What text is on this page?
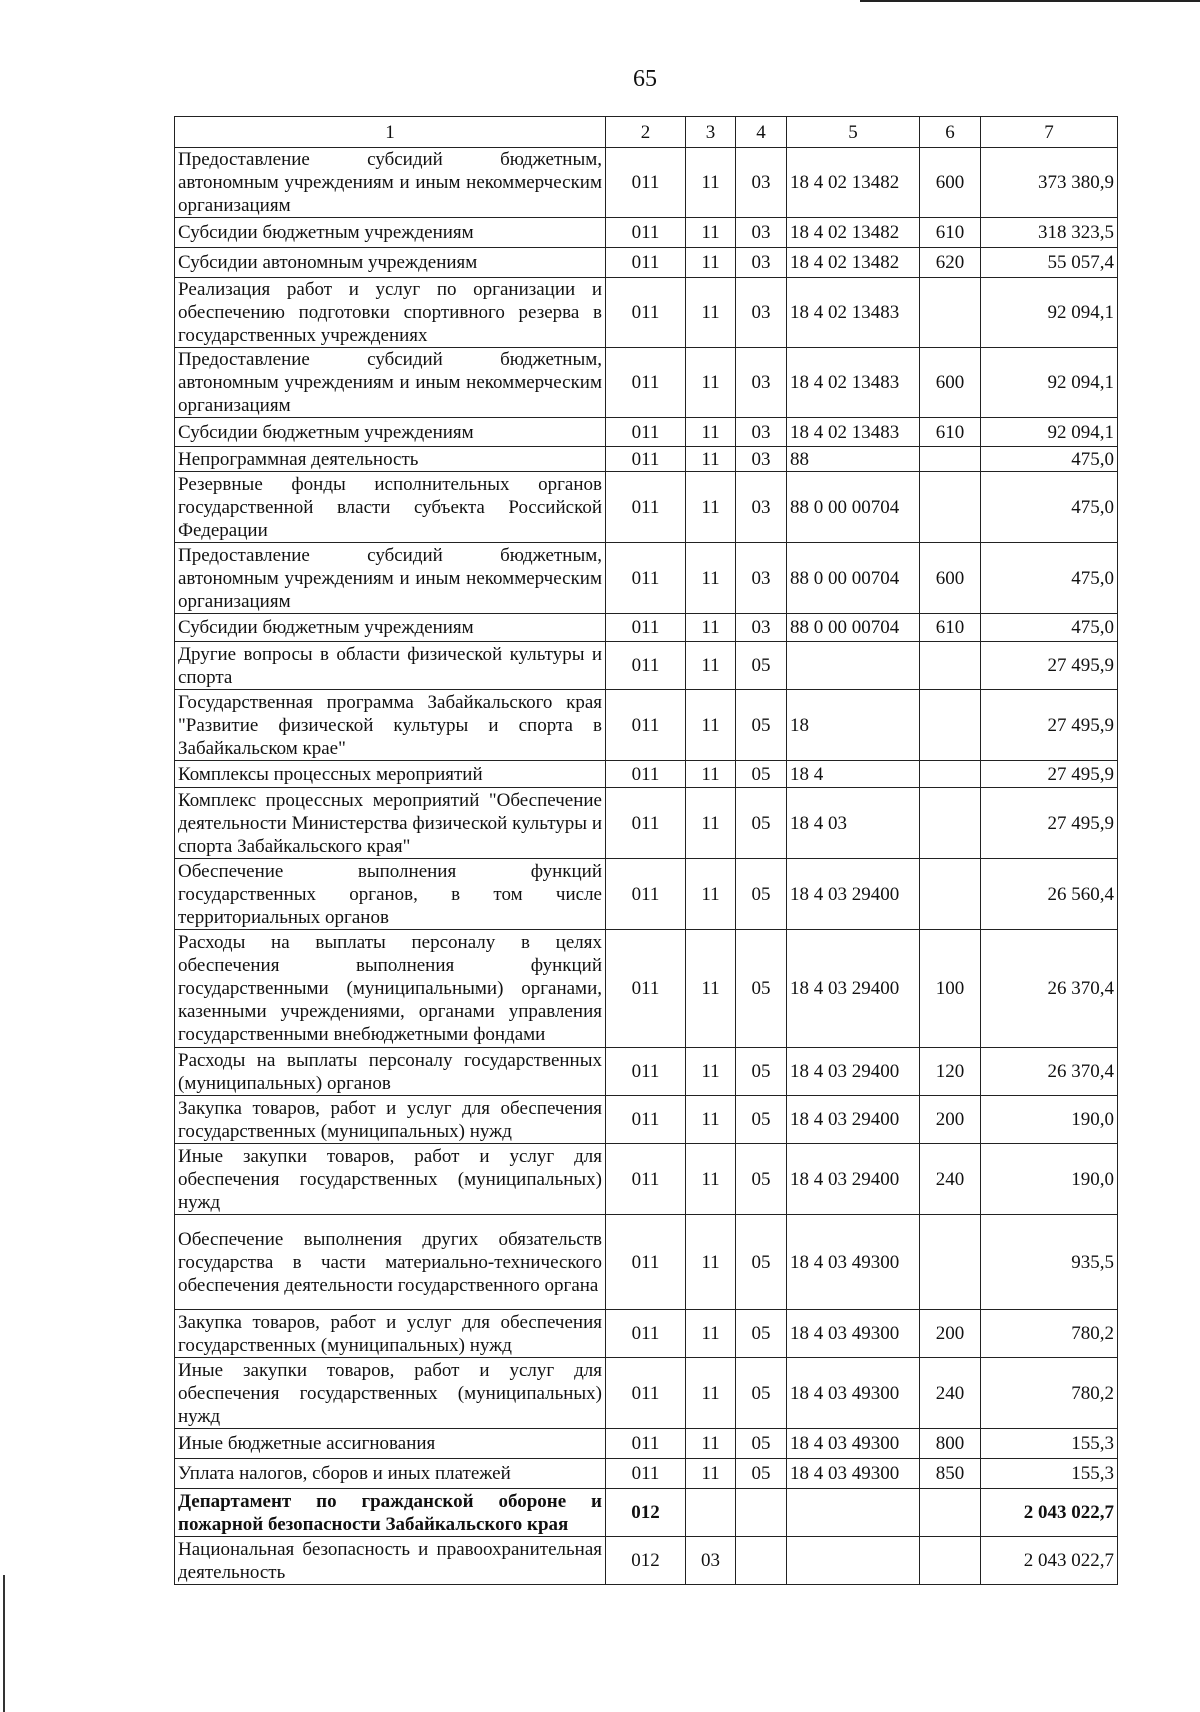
65
1	2	3	4	5	6	7
Предоставление субсидий бюджетным, автономным учреждениям и иным некоммерческим организациям	011	11	03	18 4 02 13482	600	373 380,9
Субсидии бюджетным учреждениям	011	11	03	18 4 02 13482	610	318 323,5
Субсидии автономным учреждениям	011	11	03	18 4 02 13482	620	55 057,4
Реализация работ и услуг по организации и обеспечению подготовки спортивного резерва в государственных учреждениях	011	11	03	18 4 02 13483		92 094,1
Предоставление субсидий бюджетным, автономным учреждениям и иным некоммерческим организациям	011	11	03	18 4 02 13483	600	92 094,1
Субсидии бюджетным учреждениям	011	11	03	18 4 02 13483	610	92 094,1
Непрограммная деятельность	011	11	03	88		475,0
Резервные фонды исполнительных органов государственной власти субъекта Российской Федерации	011	11	03	88 0 00 00704		475,0
Предоставление субсидий бюджетным, автономным учреждениям и иным некоммерческим организациям	011	11	03	88 0 00 00704	600	475,0
Субсидии бюджетным учреждениям	011	11	03	88 0 00 00704	610	475,0
Другие вопросы в области физической культуры и спорта	011	11	05			27 495,9
Государственная программа Забайкальского края "Развитие физической культуры и спорта в Забайкальском крае"	011	11	05	18		27 495,9
Комплексы процессных мероприятий	011	11	05	18 4		27 495,9
Комплекс процессных мероприятий "Обеспечение деятельности Министерства физической культуры и спорта Забайкальского края"	011	11	05	18 4 03		27 495,9
Обеспечение выполнения функций государственных органов, в том числе территориальных органов	011	11	05	18 4 03 29400		26 560,4
Расходы на выплаты персоналу в целях обеспечения выполнения функций государственными (муниципальными) органами, казенными учреждениями, органами управления государственными внебюджетными фондами	011	11	05	18 4 03 29400	100	26 370,4
Расходы на выплаты персоналу государственных (муниципальных) органов	011	11	05	18 4 03 29400	120	26 370,4
Закупка товаров, работ и услуг для обеспечения государственных (муниципальных) нужд	011	11	05	18 4 03 29400	200	190,0
Иные закупки товаров, работ и услуг для обеспечения государственных (муниципальных) нужд	011	11	05	18 4 03 29400	240	190,0
Обеспечение выполнения других обязательств государства в части материально-технического обеспечения деятельности государственного органа	011	11	05	18 4 03 49300		935,5
Закупка товаров, работ и услуг для обеспечения государственных (муниципальных) нужд	011	11	05	18 4 03 49300	200	780,2
Иные закупки товаров, работ и услуг для обеспечения государственных (муниципальных) нужд	011	11	05	18 4 03 49300	240	780,2
Иные бюджетные ассигнования	011	11	05	18 4 03 49300	800	155,3
Уплата налогов, сборов и иных платежей	011	11	05	18 4 03 49300	850	155,3
Департамент по гражданской обороне и пожарной безопасности Забайкальского края	012					2 043 022,7
Национальная безопасность и правоохранительная деятельность	012	03				2 043 022,7
